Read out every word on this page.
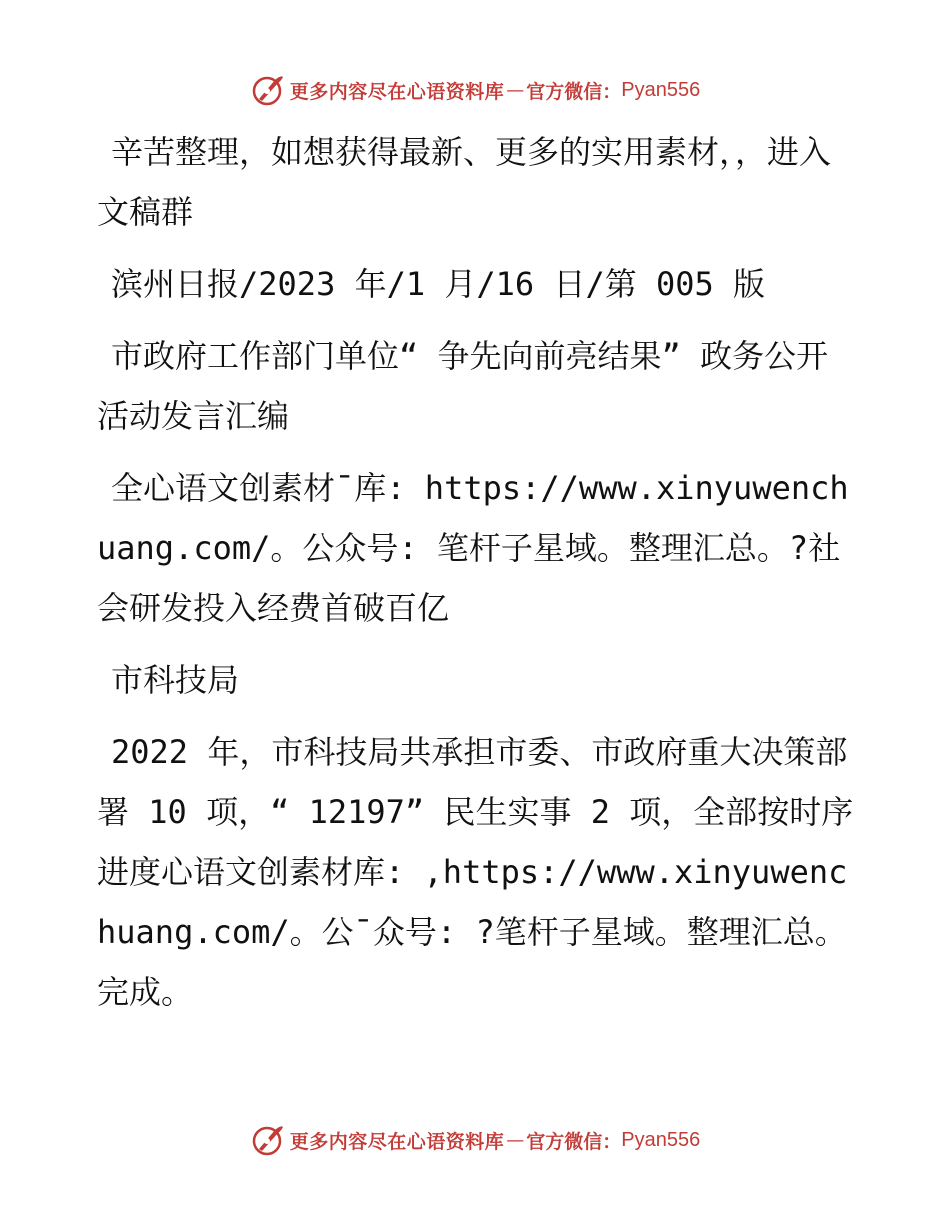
更多内容尽在心语资料库 — 官方微信： Pyan556

辛苦整理，如想获得最新、更多的实用素材，，进入文稿群

滨州日报/2023 年/1 月/16 日/第 005 版

市政府工作部门单位“ 争先向前亮结果” 政务公开活动发言汇编

全心语文创素材¯库: https://www.xinyuwenchuang.com/。公众号: 笔杆子星域。整理汇总。?社会研发投入经费首破百亿

市科技局

2022 年，市科技局共承担市委、市政府重大决策部署 10 项，“ 12197” 民生实事 2 项，全部按时序进度心语文创素材库: ,https://www.xinyuwenchuang.com/。公¯众号: ?笔杆子星域。整理汇总。完成。

更多内容尽在心语资料库 — 官方微信： Pyan556
